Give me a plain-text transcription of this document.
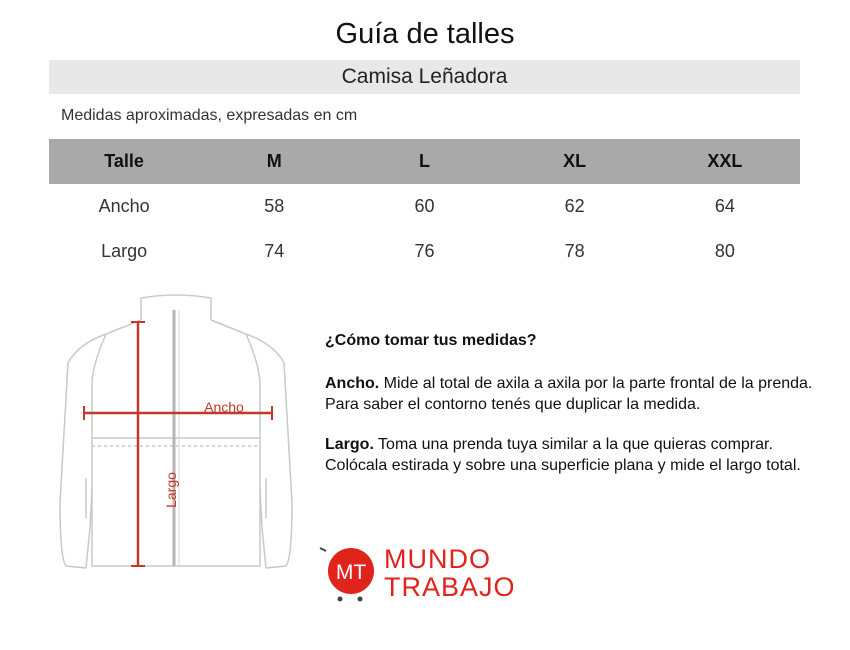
Guía de talles
Camisa Leñadora
Medidas aproximadas, expresadas en cm
Talle	M	L	XL	XXL
Ancho	58	60	62	64
Largo	74	76	78	80
Ancho
Largo
¿Cómo tomar tus medidas?

Ancho. Mide al total de axila a axila por la parte frontal de la prenda.
Para saber el contorno tenés que duplicar la medida.

Largo. Toma una prenda tuya similar a la que quieras comprar.
Colócala estirada y sobre una superficie plana y mide el largo total.

MT MUNDO
TRABAJO
